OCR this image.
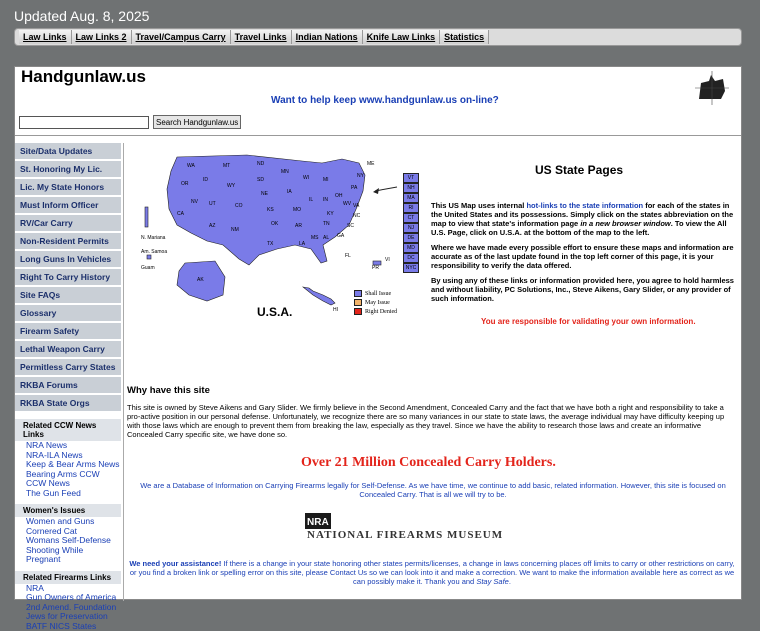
Updated Aug. 8, 2025
Law Links	Law Links 2	Travel/Campus Carry	Travel Links	Indian Nations	Knife Law Links	Statistics
Handgunlaw.us
Want to help keep www.handgunlaw.us on-line?
Search Handgunlaw.us
Site/Data Updates
St. Honoring My Lic.
Lic. My State Honors
Must Inform Officer
RV/Car Carry
Non-Resident Permits
Long Guns In Vehicles
Right To Carry History
Site FAQs
Glossary
Firearm Safety
Lethal Weapon Carry
Permitless Carry States
RKBA Forums
RKBA State Orgs
Related CCW News Links
NRA News
NRA-ILA News
Keep & Bear Arms News
Bearing Arms CCW
CCW News
The Gun Feed
Women's Issues
Women and Guns
Cornered Cat
Womans Self-Defense
Shooting While
Pregnant
Related Firearms Links
NRA
Gun Owners of America
2nd Amend. Foundation
Jews for Preservation
BATF NICS States
WA
OR
CA
ID
NV
MT
WY
UT
AZ
CO
NM
ND
SD
NE
KS
OK
TX
MN
IA
MO
AR
LA
WI
IL
MI
IN
OH
KY
TN
MS AL GA
FL
SC
NC
VA
WV
PA
NY
ME
N. Mariana
Am. Samoa
Guam	PR
VI
AK
HI
VT
NH
MA
RI
CT
NJ
DE
MD
DC
NYC
U.S.A.
Shall Issue
May Issue
Right Denied
US State Pages

This US Map uses internal hot-links to the state information for each of the states in the United States and its possessions. Simply click on the states abbreviation on the map to view that state's information page in a new browser window. To view the All U.S. Page, click on U.S.A. at the bottom of the map to the left.

Where we have made every possible effort to ensure these maps and information are accurate as of the last update found in the top left corner of this page, it is your responsibility to verify the data offered.

By using any of these links or information provided here, you agree to hold harmless and without liability, PC Solutions, Inc., Steve Aikens, Gary Slider, or any provider of such information.

You are responsible for validating your own information.
Why have this site
This site is owned by Steve Aikens and Gary Slider. We firmly believe in the Second Amendment, Concealed Carry and the fact that we have both a right and responsibility to take a pro-active position in our personal defense. Unfortunately, we recognize there are so many variances in our state to state laws, the average individual may have difficulty keeping up with those laws which are enough to prevent them from breaking the law, especially as they travel. Since we have the ability to research those laws and create an informative Concealed Carry specific site, we have done so.
Over 21 Million Concealed Carry Holders.
We are a Database of Information on Carrying Firearms legally for Self-Defense. As we have time, we continue to add basic, related information. However, this site is focused on Concealed Carry. That is all we will try to be.
NRA
NATIONAL FIREARMS MUSEUM
We need your assistance! If there is a change in your state honoring other states permits/licenses, a change in laws concerning places off limits to carry or other restrictions on carry, or you find a broken link or spelling error on this site, please Contact Us so we can look into it and make a correction. We want to make the information available here as correct as we can possibly make it. Thank you and Stay Safe.
